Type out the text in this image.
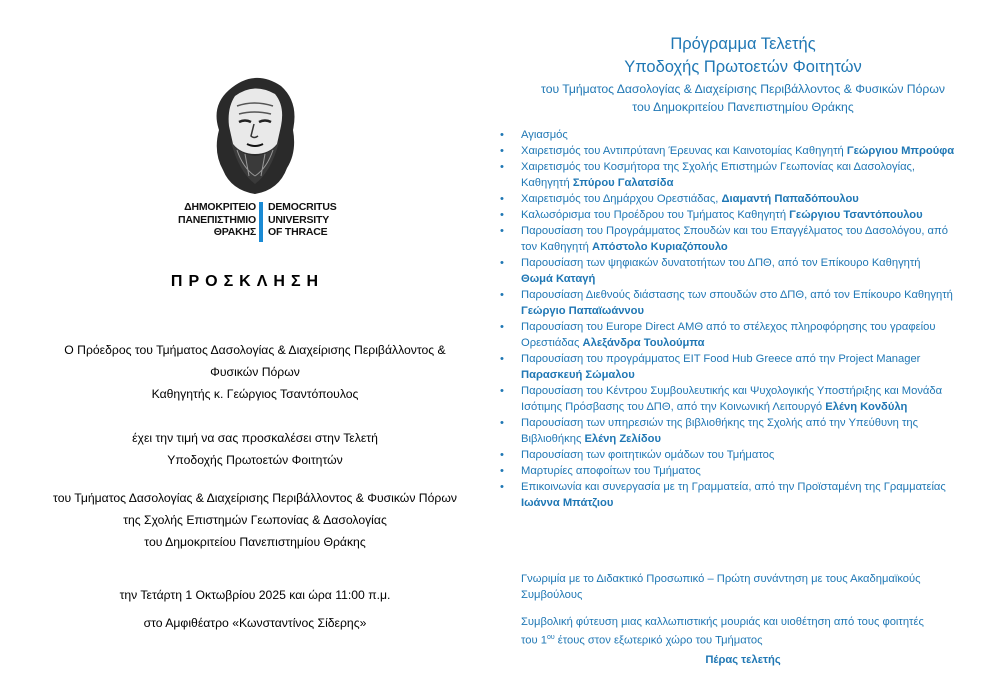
ΔΗΜΟΚΡΙΤΕΙΟ
ΠΑΝΕΠΙΣΤΗΜΙΟ
ΘΡΑΚΗΣ
DEMOCRITUS
UNIVERSITY
OF THRACE
ΠΡΟΣΚΛΗΣΗ
Ο Πρόεδρος του Τμήματος Δασολογίας & Διαχείρισης Περιβάλλοντος &
Φυσικών Πόρων
Καθηγητής κ. Γεώργιος Τσαντόπουλος
έχει την τιμή να σας προσκαλέσει στην Τελετή
Υποδοχής Πρωτοετών Φοιτητών
του Τμήματος Δασολογίας & Διαχείρισης Περιβάλλοντος & Φυσικών Πόρων
της Σχολής Επιστημών Γεωπονίας & Δασολογίας
του Δημοκριτείου Πανεπιστημίου Θράκης
την Τετάρτη 1 Οκτωβρίου 2025 και ώρα 11:00 π.μ.
στο Αμφιθέατρο «Κωνσταντίνος Σίδερης»
Πρόγραμμα Τελετής
Υποδοχής Πρωτοετών Φοιτητών
του Τμήματος Δασολογίας & Διαχείρισης Περιβάλλοντος & Φυσικών Πόρων
του Δημοκριτείου Πανεπιστημίου Θράκης
• Αγιασμός
• Χαιρετισμός του Αντιπρύτανη Έρευνας και Καινοτομίας Καθηγητή Γεώργιου Μπρούφα
• Χαιρετισμός του Κοσμήτορα της Σχολής Επιστημών Γεωπονίας και Δασολογίας, Καθηγητή Σπύρου Γαλατσίδα
• Χαιρετισμός του Δημάρχου Ορεστιάδας, Διαμαντή Παπαδόπουλου
• Καλωσόρισμα του Προέδρου του Τμήματος Καθηγητή Γεώργιου Τσαντόπουλου
• Παρουσίαση του Προγράμματος Σπουδών και του Επαγγέλματος του Δασολόγου, από τον Καθηγητή Απόστολο Κυριαζόπουλο
• Παρουσίαση των ψηφιακών δυνατοτήτων του ΔΠΘ, από τον Επίκουρο Καθηγητή Θωμά Καταγή
• Παρουσίαση Διεθνούς διάστασης των σπουδών στο ΔΠΘ, από τον Επίκουρο Καθηγητή Γεώργιο Παπαϊωάννου
• Παρουσίαση του Europe Direct ΑΜΘ από το στέλεχος πληροφόρησης του γραφείου Ορεστιάδας Αλεξάνδρα Τουλούμπα
• Παρουσίαση του προγράμματος EIT Food Hub Greece από την Project Manager Παρασκευή Σώμαλου
• Παρουσίαση του Κέντρου Συμβουλευτικής και Ψυχολογικής Υποστήριξης και Μονάδα Ισότιμης Πρόσβασης του ΔΠΘ, από την Κοινωνική Λειτουργό Ελένη Κονδύλη
• Παρουσίαση των υπηρεσιών της βιβλιοθήκης της Σχολής από την Υπεύθυνη της Βιβλιοθήκης Ελένη Ζελίδου
• Παρουσίαση των φοιτητικών ομάδων του Τμήματος
• Μαρτυρίες αποφοίτων του Τμήματος
• Επικοινωνία και συνεργασία με τη Γραμματεία, από την Προϊσταμένη της Γραμματείας Ιωάννα Μπάτζιου
Γνωριμία με το Διδακτικό Προσωπικό – Πρώτη συνάντηση με τους Ακαδημαϊκούς Συμβούλους
Συμβολική φύτευση μιας καλλωπιστικής μουριάς και υιοθέτηση από τους φοιτητές του $1^{o\upsilon}$ έτους στον εξωτερικό χώρο του Τμήματος
Πέρας τελετής
